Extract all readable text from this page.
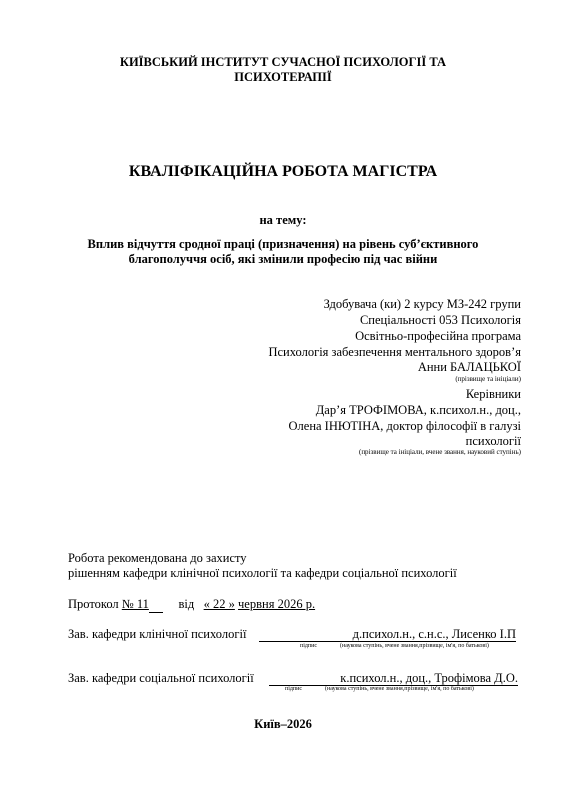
КИЇВСЬКИЙ ІНСТИТУТ СУЧАСНОЇ ПСИХОЛОГІЇ ТА
ПСИХОТЕРАПІЇ
КВАЛІФІКАЦІЙНА РОБОТА МАГІСТРА
на тему:
Вплив відчуття сродної праці (призначення) на рівень суб’єктивного
благополуччя осіб, які змінили професію під час війни
Здобувача (ки) 2 курсу МЗ-242 групи
Спеціальності 053 Психологія
Освітньо-професійна програма
Психологія забезпечення ментального здоров’я
Анни БАЛАЦЬКОЇ
(прізвище та ініціали)
Керівники
Дар’я ТРОФІМОВА, к.психол.н., доц.,
Олена ІНЮТІНА, доктор філософії в галузі
психології
(прізвище та ініціали, вчене звання, науковий ступінь)
Робота рекомендована до захисту
рішенням кафедри клінічної психології та кафедри соціальної психології
Протокол № 11 від « 22 » червня 2026 р.
Зав. кафедри клінічної психології	д.психол.н., с.н.с., Лисенко І.П
підпис	(наукова ступінь, вчене звання,прізвище, ім'я, по батькові)
Зав. кафедри соціальної психології	к.психол.н., доц., Трофімова Д.О.
підпис	(наукова ступінь, вчене звання,прізвище, ім'я, по батькові)
Київ–2026
